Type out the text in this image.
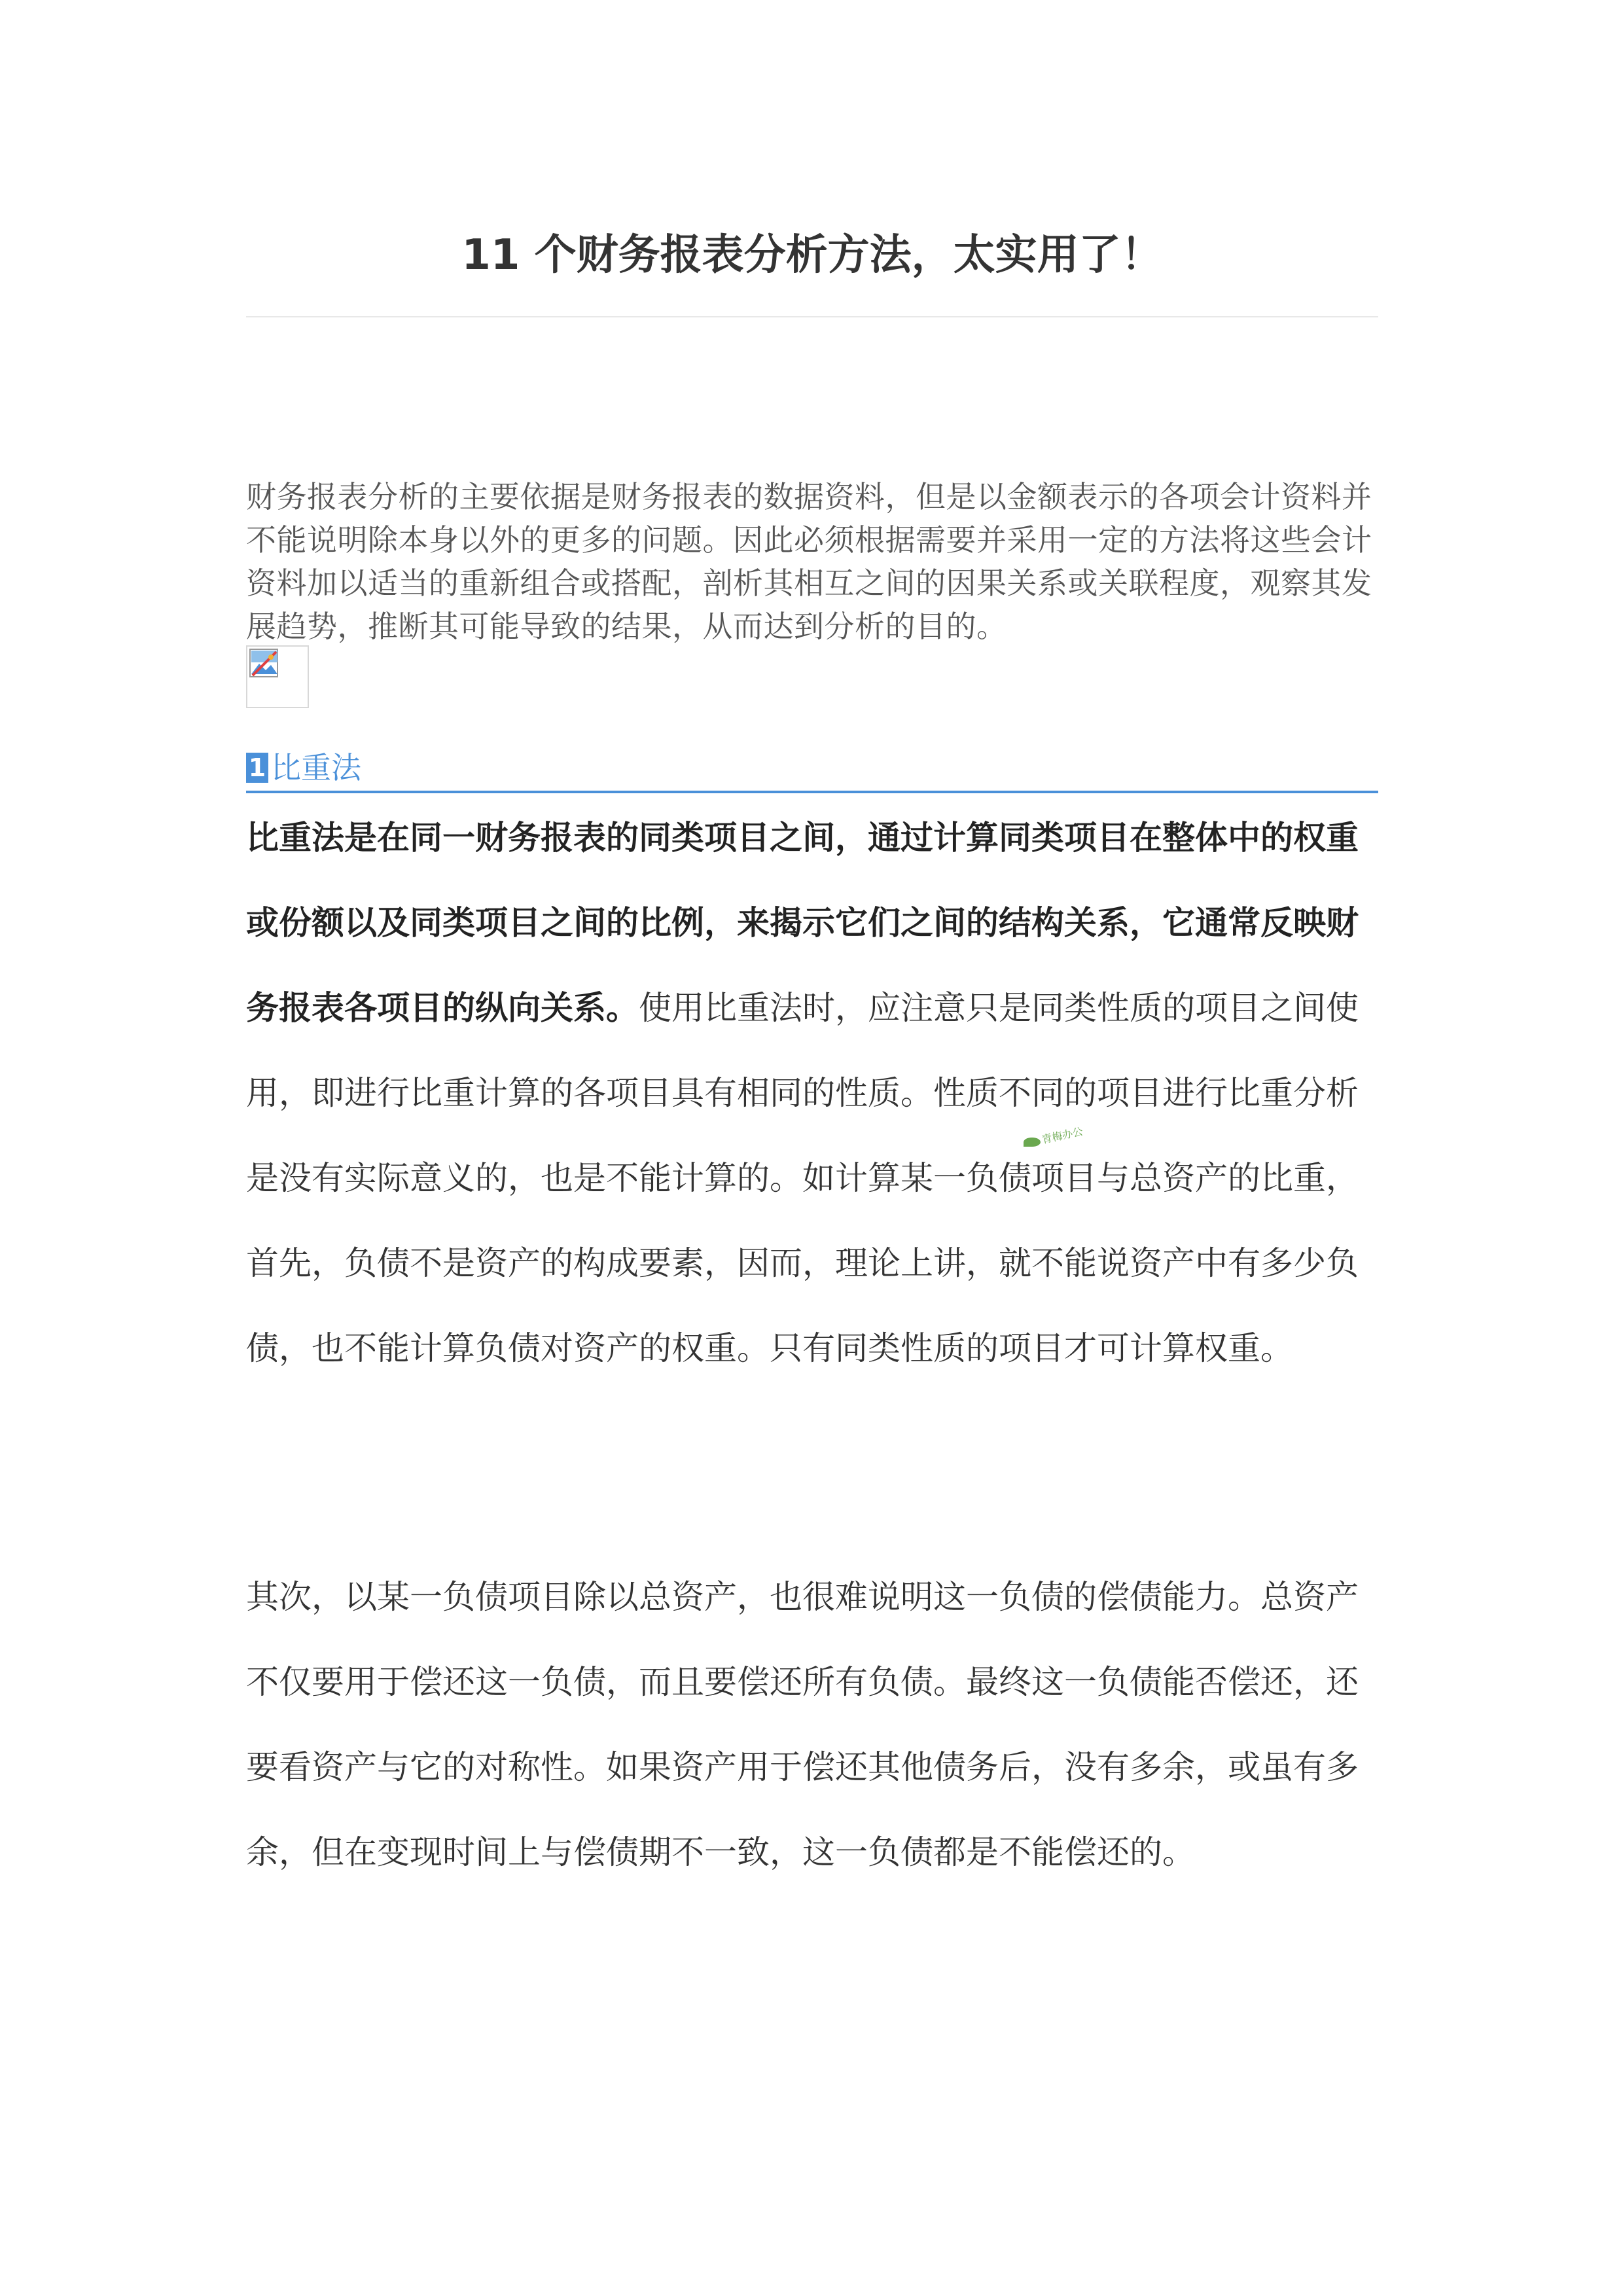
11 个财务报表分析方法，太实用了！

财务报表分析的主要依据是财务报表的数据资料，但是以金额表示的各项会计资料并不能说明除本身以外的更多的问题。因此必须根据需要并采用一定的方法将这些会计资料加以适当的重新组合或搭配，剖析其相互之间的因果关系或关联程度，观察其发展趋势，推断其可能导致的结果，从而达到分析的目的。

1 比重法

比重法是在同一财务报表的同类项目之间，通过计算同类项目在整体中的权重或份额以及同类项目之间的比例，来揭示它们之间的结构关系，它通常反映财务报表各项目的纵向关系。使用比重法时，应注意只是同类性质的项目之间使用，即进行比重计算的各项目具有相同的性质。性质不同的项目进行比重分析是没有实际意义的，也是不能计算的。如计算某一负债项目与总资产的比重，首先，负债不是资产的构成要素，因而，理论上讲，就不能说资产中有多少负债，也不能计算负债对资产的权重。只有同类性质的项目才可计算权重。

青梅办公

其次，以某一负债项目除以总资产，也很难说明这一负债的偿债能力。总资产不仅要用于偿还这一负债，而且要偿还所有负债。最终这一负债能否偿还，还要看资产与它的对称性。如果资产用于偿还其他债务后，没有多余，或虽有多余，但在变现时间上与偿债期不一致，这一负债都是不能偿还的。
